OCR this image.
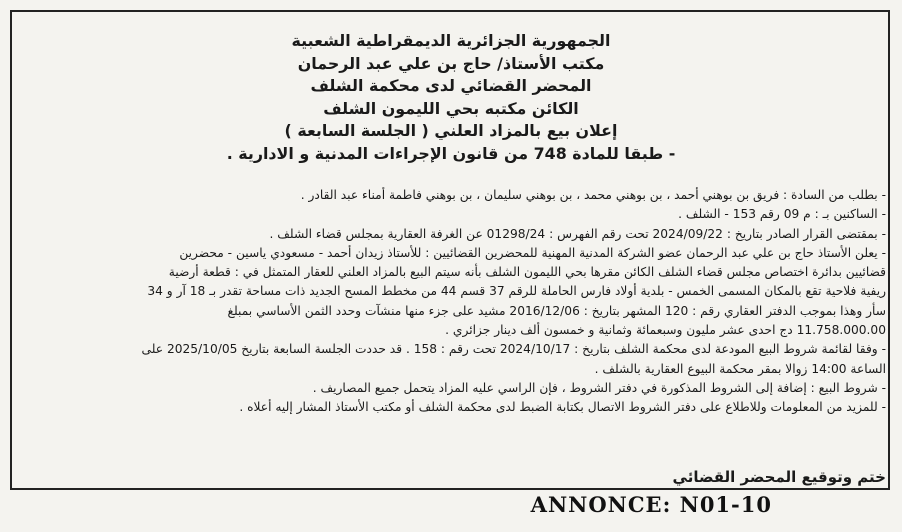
الجمهورية الجزائرية الديمقراطية الشعبية
مكتب الأستاذ/ حاج بن علي عبد الرحمان
المحضر القضائي لدى محكمة الشلف
الكائن مكتبه بحي الليمون الشلف
إعلان بيع بالمزاد العلني ( الجلسة السابعة )
- طبقا للمادة 748 من قانون الإجراءات المدنية و الادارية .
- بطلب من السادة : فريق بن بوهني أحمد ، بن بوهني محمد ، بن بوهني سليمان ، بن بوهني فاطمة أمناء عبد القادر .
- الساكنين بـ : م 09 رقم 153 - الشلف .
- بمقتضى القرار الصادر بتاريخ : 2024/09/22 تحت رقم الفهرس : 01298/24 عن الغرفة العقارية بمجلس قضاء الشلف .
- يعلن الأستاذ حاج بن علي عبد الرحمان عضو الشركة المدنية المهنية للمحضرين القضائيين : للأستاذ زيدان أحمد - مسعودي ياسين - محضرين
قضائيين بدائرة اختصاص مجلس قضاء الشلف الكائن مقرها بحي الليمون الشلف بأنه سيتم البيع بالمزاد العلني للعقار المتمثل في : قطعة أرضية
ريفية فلاحية تقع بالمكان المسمى الخمس - بلدية أولاد فارس الحاملة للرقم 37 قسم 44 من مخطط المسح الجديد ذات مساحة تقدر بـ 18 آر و 34
سأر وهذا بموجب الدفتر العقاري رقم : 120 المشهر بتاريخ : 2016/12/06 مشيد على جزء منها منشآت وحدد الثمن الأساسي بمبلغ
11.758.000.00 دج احدى عشر مليون وسبعمائة وثمانية و خمسون ألف دينار جزائري .
- وفقا لقائمة شروط البيع المودعة لدى محكمة الشلف بتاريخ : 2024/10/17 تحت رقم : 158 . قد حددت الجلسة السابعة بتاريخ 2025/10/05 على
الساعة 14:00 زوالا بمقر محكمة البيوع العقارية بالشلف .
- شروط البيع : إضافة إلى الشروط المذكورة في دفتر الشروط ، فإن الراسي عليه المزاد يتحمل جميع المصاريف .
- للمزيد من المعلومات وللاطلاع على دفتر الشروط الاتصال بكتابة الضبط لدى محكمة الشلف أو مكتب الأستاذ المشار إليه أعلاه .
ختم وتوقيع المحضر القضائي
ANNONCE: N01-10
